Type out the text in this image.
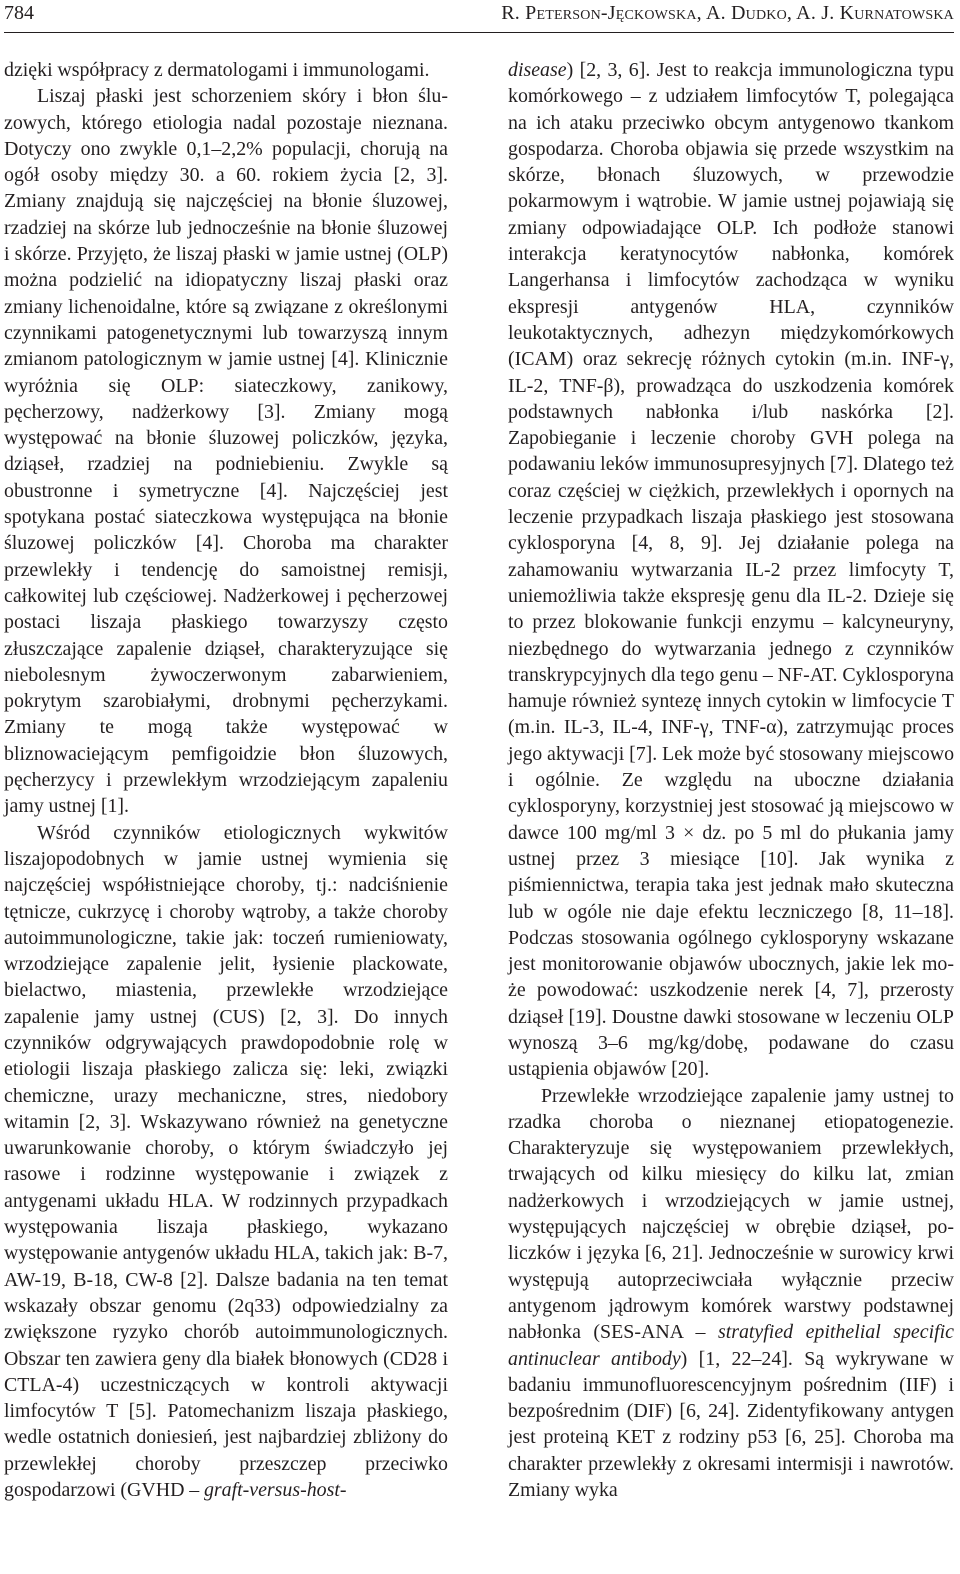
784	R. Peterson-Jęckowska, A. Dudko, A. J. Kurnatowska

dzięki współpracy z dermatologami i immunologami.

Liszaj płaski jest schorzeniem skóry i błon śluzowych, którego etiologia nadal pozostaje nieznana. Dotyczy ono zwykle 0,1–2,2% populacji, chorują na ogół osoby między 30. a 60. rokiem życia [2, 3]. Zmiany znajdują się najczęściej na błonie śluzowej, rzadziej na skórze lub jednocześnie na błonie śluzowej i skórze. Przyjęto, że liszaj płaski w jamie ustnej (OLP) można podzielić na idiopatyczny liszaj płaski oraz zmiany lichenoidalne, które są związane z określonymi czynnikami patogenetycznymi lub towarzyszą innym zmianom patologicznym w jamie ustnej [4]. Klinicznie wyróżnia się OLP: siateczkowy, zanikowy, pęcherzowy, nadżerkowy [3]. Zmiany mogą występować na błonie śluzowej policzków, języka, dziąseł, rzadziej na podniebieniu. Zwykle są obustronne i symetryczne [4]. Najczęściej jest spotykana postać siateczkowa występująca na błonie śluzowej policzków [4]. Choroba ma charakter przewlekły i tendencję do samoistnej remisji, całkowitej lub częściowej. Nadżerkowej i pęcherzowej postaci liszaja płaskiego towarzyszy często złuszczające zapalenie dziąseł, charakteryzujące się niebolesnym żywoczerwonym zabarwieniem, pokrytym szarobiałymi, drobnymi pęcherzykami. Zmiany te mogą także występować w bliznowaciejącym pemfigoidzie błon śluzowych, pęcherzycy i przewlekłym wrzodziejącym zapaleniu jamy ustnej [1].

Wśród czynników etiologicznych wykwitów liszajopodobnych w jamie ustnej wymienia się najczęściej współistniejące choroby, tj.: nadciśnienie tętnicze, cukrzycę i choroby wątroby, a także choroby autoimmunologiczne, takie jak: toczeń rumieniowaty, wrzodziejące zapalenie jelit, łysienie plackowate, bielactwo, miastenia, przewlekłe wrzodziejące zapalenie jamy ustnej (CUS) [2, 3]. Do innych czynników odgrywających prawdopodobnie rolę w etiologii liszaja płaskiego zalicza się: leki, związki chemiczne, urazy mechaniczne, stres, niedobory witamin [2, 3]. Wskazywano również na genetyczne uwarunkowanie choroby, o którym świadczyło jej rasowe i rodzinne występowanie i związek z antygenami układu HLA. W rodzinnych przypadkach występowania liszaja płaskiego, wykazano występowanie antygenów układu HLA, takich jak: B-7, AW-19, B-18, CW-8 [2]. Dalsze badania na ten temat wskazały obszar genomu (2q33) odpowiedzialny za zwiększone ryzyko chorób autoimmunologicznych. Obszar ten zawiera geny dla białek błonowych (CD28 i CTLA-4) uczestniczących w kontroli aktywacji limfocytów T [5]. Patomechanizm liszaja płaskiego, wedle ostatnich doniesień, jest najbardziej zbliżony do przewlekłej choroby przeszczep przeciwko gospodarzowi (GVHD – graft-versus-host-

disease) [2, 3, 6]. Jest to reakcja immunologiczna typu komórkowego – z udziałem limfocytów T, polegająca na ich ataku przeciwko obcym antygenowo tkankom gospodarza. Choroba objawia się przede wszystkim na skórze, błonach śluzowych, w przewodzie pokarmowym i wątrobie. W jamie ustnej pojawiają się zmiany odpowiadające OLP. Ich podłoże stanowi interakcja keratynocytów nabłonka, komórek Langerhansa i limfocytów zachodząca w wyniku ekspresji antygenów HLA, czynników leukotaktycznych, adhezyn międzykomórkowych (ICAM) oraz sekrecję różnych cytokin (m.in. INF-γ, IL-2, TNF-β), prowadząca do uszkodzenia komórek podstawnych nabłonka i/lub naskórka [2]. Zapobieganie i leczenie choroby GVH polega na podawaniu leków immunosupresyjnych [7]. Dlatego też coraz częściej w ciężkich, przewlekłych i opornych na leczenie przypadkach liszaja płaskiego jest stosowana cyklosporyna [4, 8, 9]. Jej działanie polega na zahamowaniu wytwarzania IL-2 przez limfocyty T, uniemożliwia także ekspresję genu dla IL-2. Dzieje się to przez blokowanie funkcji enzymu – kalcyneuryny, niezbędnego do wytwarzania jednego z czynników transkrypcyjnych dla tego genu – NF-AT. Cyklosporyna hamuje również syntezę innych cytokin w limfocycie T (m.in. IL-3, IL-4, INF-γ, TNF-α), zatrzymując proces jego aktywacji [7]. Lek może być stosowany miejscowo i ogólnie. Ze względu na uboczne działania cyklosporyny, korzystniej jest stosować ją miejscowo w dawce 100 mg/ml 3 × dz. po 5 ml do płukania jamy ustnej przez 3 miesiące [10]. Jak wynika z piśmiennictwa, terapia taka jest jednak mało skuteczna lub w ogóle nie daje efektu leczniczego [8, 11–18]. Podczas stosowania ogólnego cyklosporyny wskazane jest monitorowanie objawów ubocznych, jakie lek może powodować: uszkodzenie nerek [4, 7], przerosty dziąseł [19]. Doustne dawki stosowane w leczeniu OLP wynoszą 3–6 mg/kg/dobę, podawane do czasu ustąpienia objawów [20].

Przewlekłe wrzodziejące zapalenie jamy ustnej to rzadka choroba o nieznanej etiopatogenezie. Charakteryzuje się występowaniem przewlekłych, trwających od kilku miesięcy do kilku lat, zmian nadżerkowych i wrzodziejących w jamie ustnej, występujących najczęściej w obrębie dziąseł, policzków i języka [6, 21]. Jednocześnie w surowicy krwi występują autoprzeciwciała wyłącznie przeciw antygenom jądrowym komórek warstwy podstawnej nabłonka (SES-ANA – stratyfied epithelial specific antinuclear antibody) [1, 22–24]. Są wykrywane w badaniu immunofluorescencyjnym pośrednim (IIF) i bezpośrednim (DIF) [6, 24]. Zidentyfikowany antygen jest proteiną KET z rodziny p53 [6, 25]. Choroba ma charakter przewlekły z okresami intermisji i nawrotów. Zmiany wyka
